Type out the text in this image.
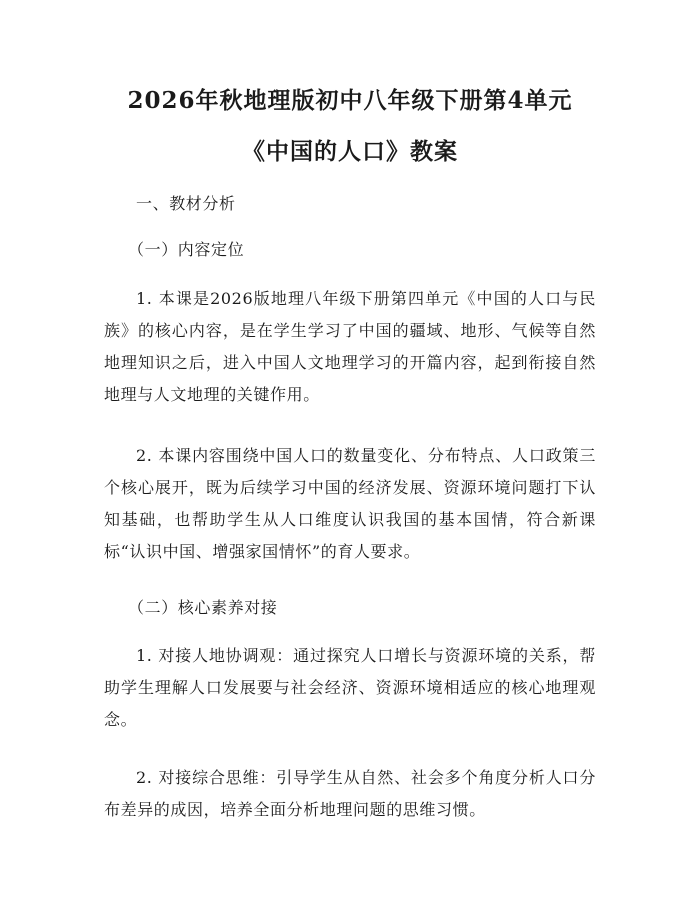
2026年秋地理版初中八年级下册第4单元
《中国的人口》教案

一、教材分析

（一）内容定位

1. 本课是2026版地理八年级下册第四单元《中国的人口与民族》的核心内容，是在学生学习了中国的疆域、地形、气候等自然地理知识之后，进入中国人文地理学习的开篇内容，起到衔接自然地理与人文地理的关键作用。

2. 本课内容围绕中国人口的数量变化、分布特点、人口政策三个核心展开，既为后续学习中国的经济发展、资源环境问题打下认知基础，也帮助学生从人口维度认识我国的基本国情，符合新课标“认识中国、增强家国情怀”的育人要求。

（二）核心素养对接

1. 对接人地协调观：通过探究人口增长与资源环境的关系，帮助学生理解人口发展要与社会经济、资源环境相适应的核心地理观念。

2. 对接综合思维：引导学生从自然、社会多个角度分析人口分布差异的成因，培养全面分析地理问题的思维习惯。
